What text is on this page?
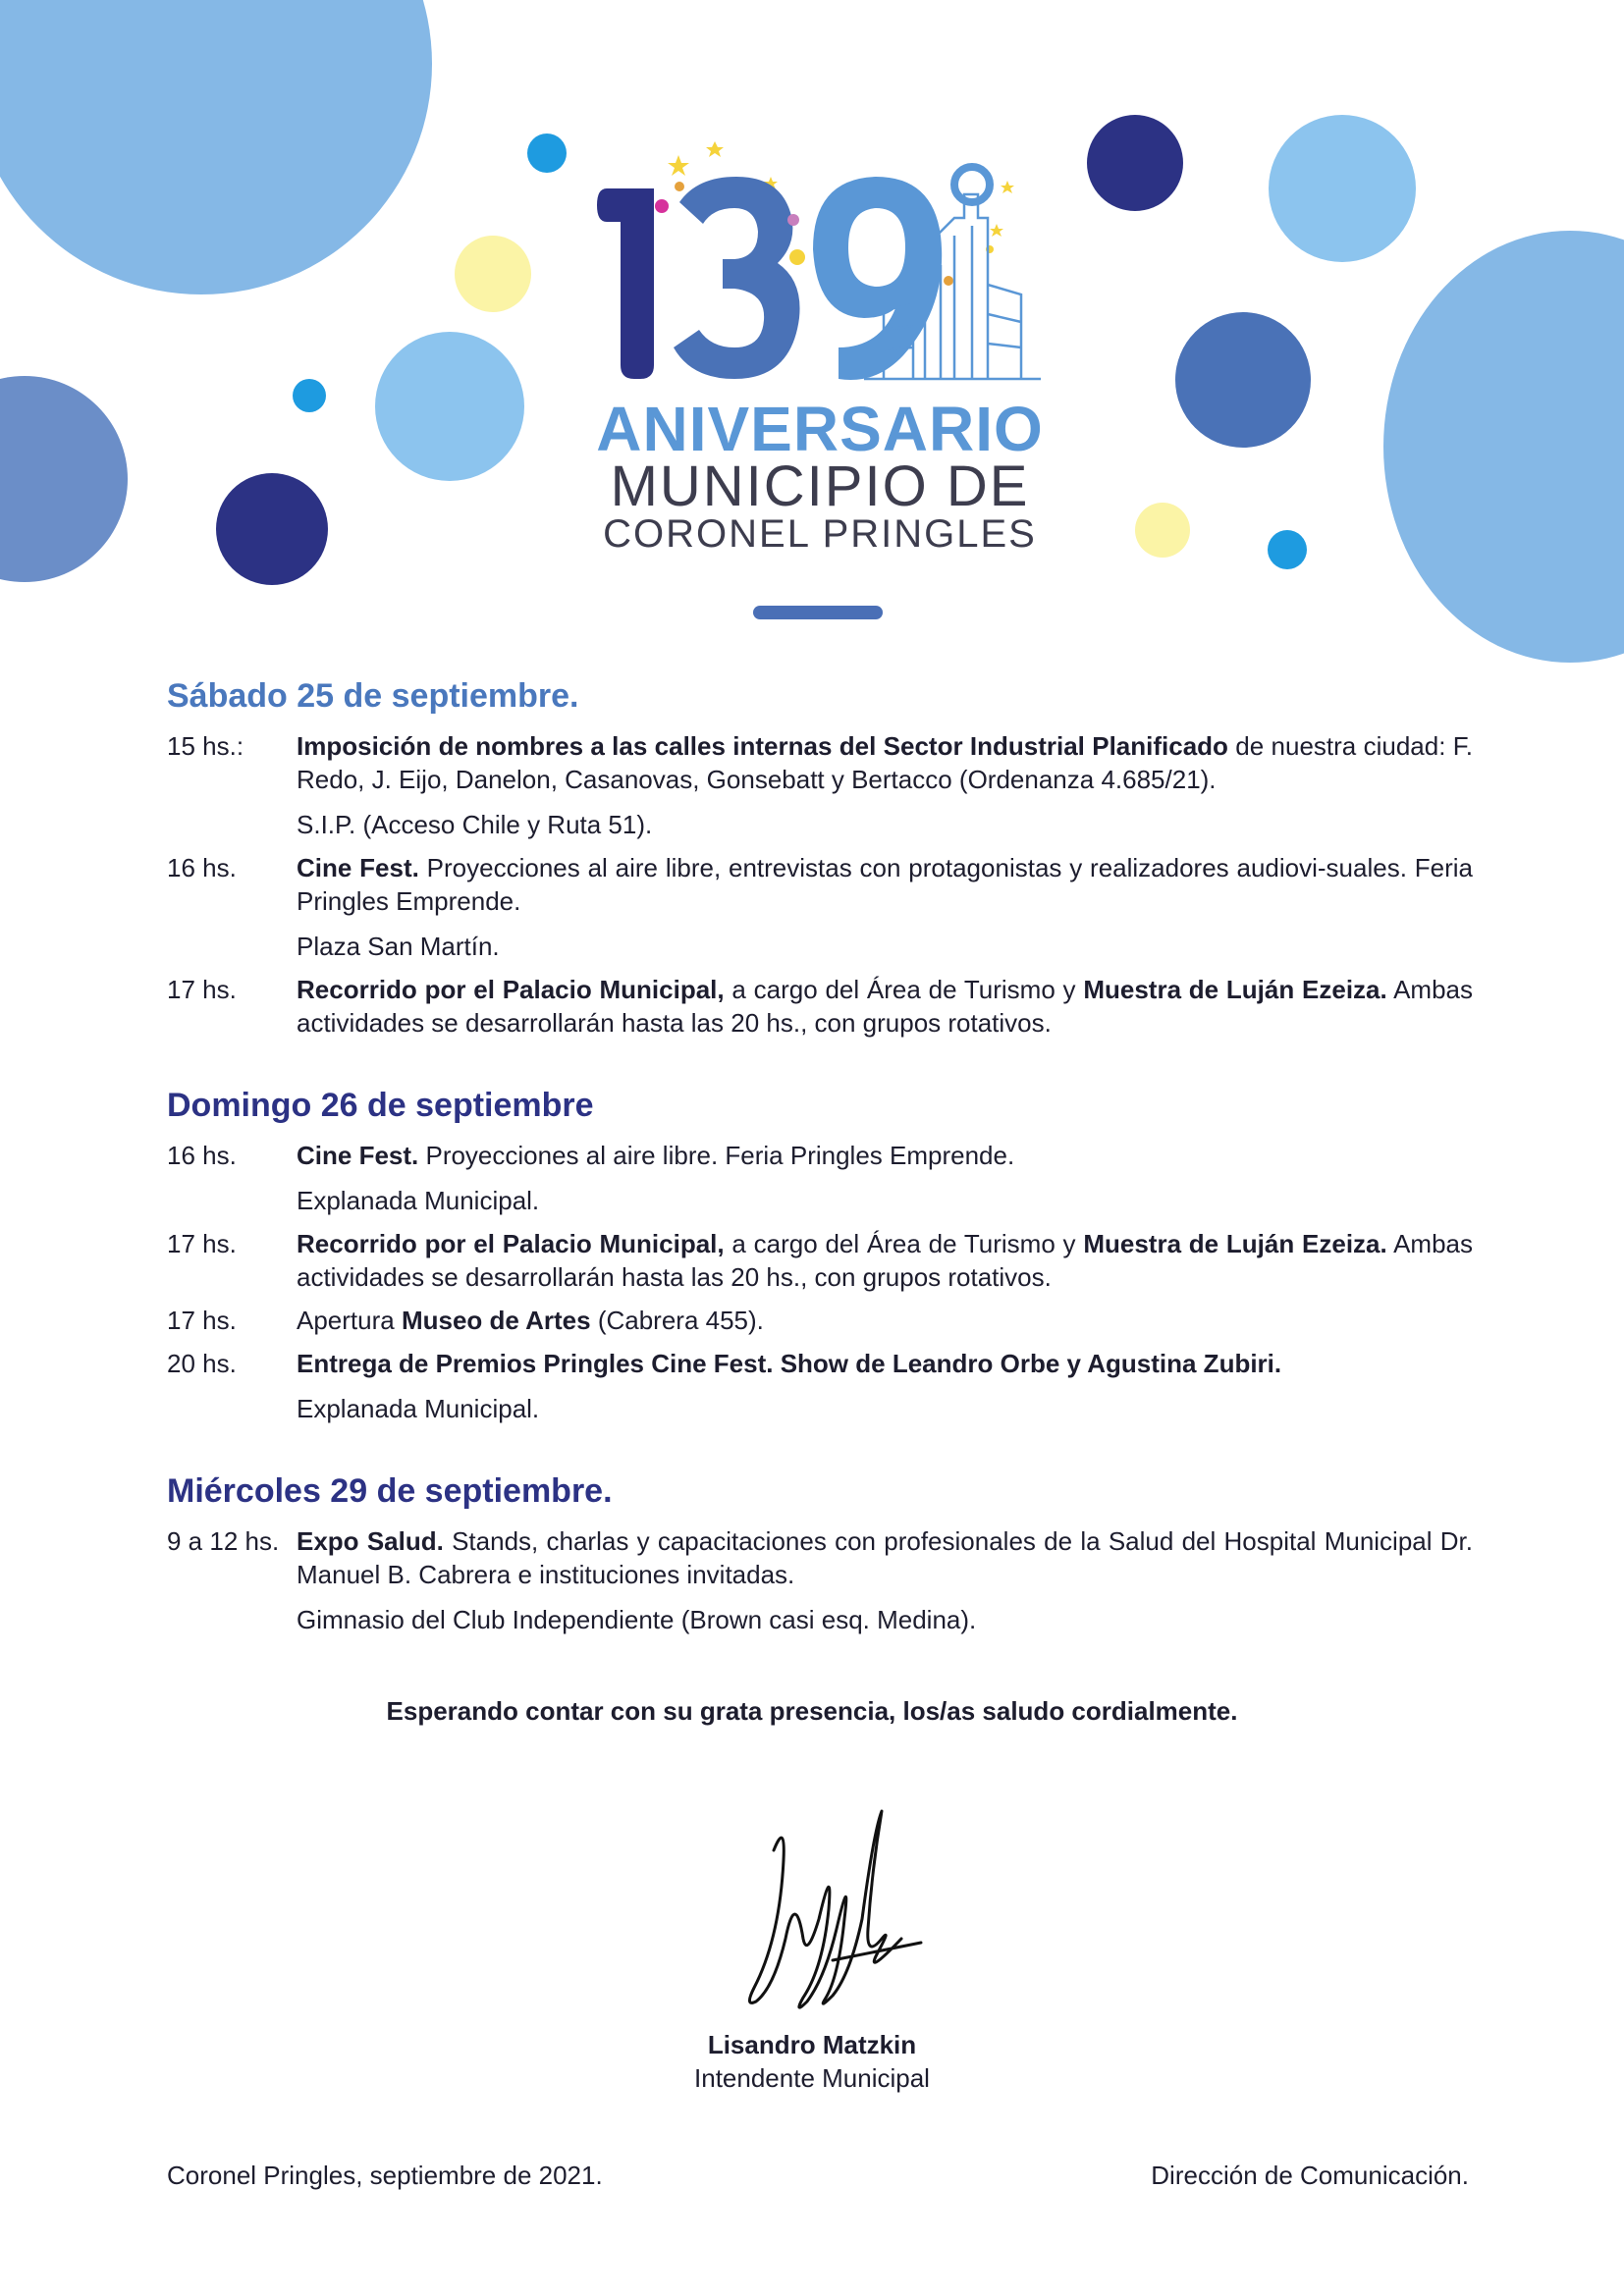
ANIVERSARIO
MUNICIPIO DE
CORONEL PRINGLES
Sábado 25 de septiembre.
15 hs.:	Imposición de nombres a las calles internas del Sector Industrial Planificado de nuestra ciudad: F. Redo, J. Eijo, Danelon, Casanovas, Gonsebatt y Bertacco (Ordenanza 4.685/21).
S.I.P. (Acceso Chile y Ruta 51).
16 hs.	Cine Fest. Proyecciones al aire libre, entrevistas con protagonistas y realizadores audiovi-suales. Feria Pringles Emprende.
Plaza San Martín.
17 hs.	Recorrido por el Palacio Municipal, a cargo del Área de Turismo y Muestra de Luján Ezeiza. Ambas actividades se desarrollarán hasta las 20 hs., con grupos rotativos.
Domingo 26 de septiembre
16 hs.	Cine Fest. Proyecciones al aire libre. Feria Pringles Emprende.
Explanada Municipal.
17 hs.	Recorrido por el Palacio Municipal, a cargo del Área de Turismo y Muestra de Luján Ezeiza. Ambas actividades se desarrollarán hasta las 20 hs., con grupos rotativos.
17 hs.	Apertura Museo de Artes (Cabrera 455).
20 hs.	Entrega de Premios Pringles Cine Fest. Show de Leandro Orbe y Agustina Zubiri.
Explanada Municipal.
Miércoles 29 de septiembre.
9 a 12 hs. Expo Salud. Stands, charlas y capacitaciones con profesionales de la Salud del Hospital Municipal Dr. Manuel B. Cabrera e instituciones invitadas.
Gimnasio del Club Independiente (Brown casi esq. Medina).
Esperando contar con su grata presencia, los/as saludo cordialmente.
Lisandro Matzkin
Intendente Municipal
Coronel Pringles, septiembre de 2021.	Dirección de Comunicación.
